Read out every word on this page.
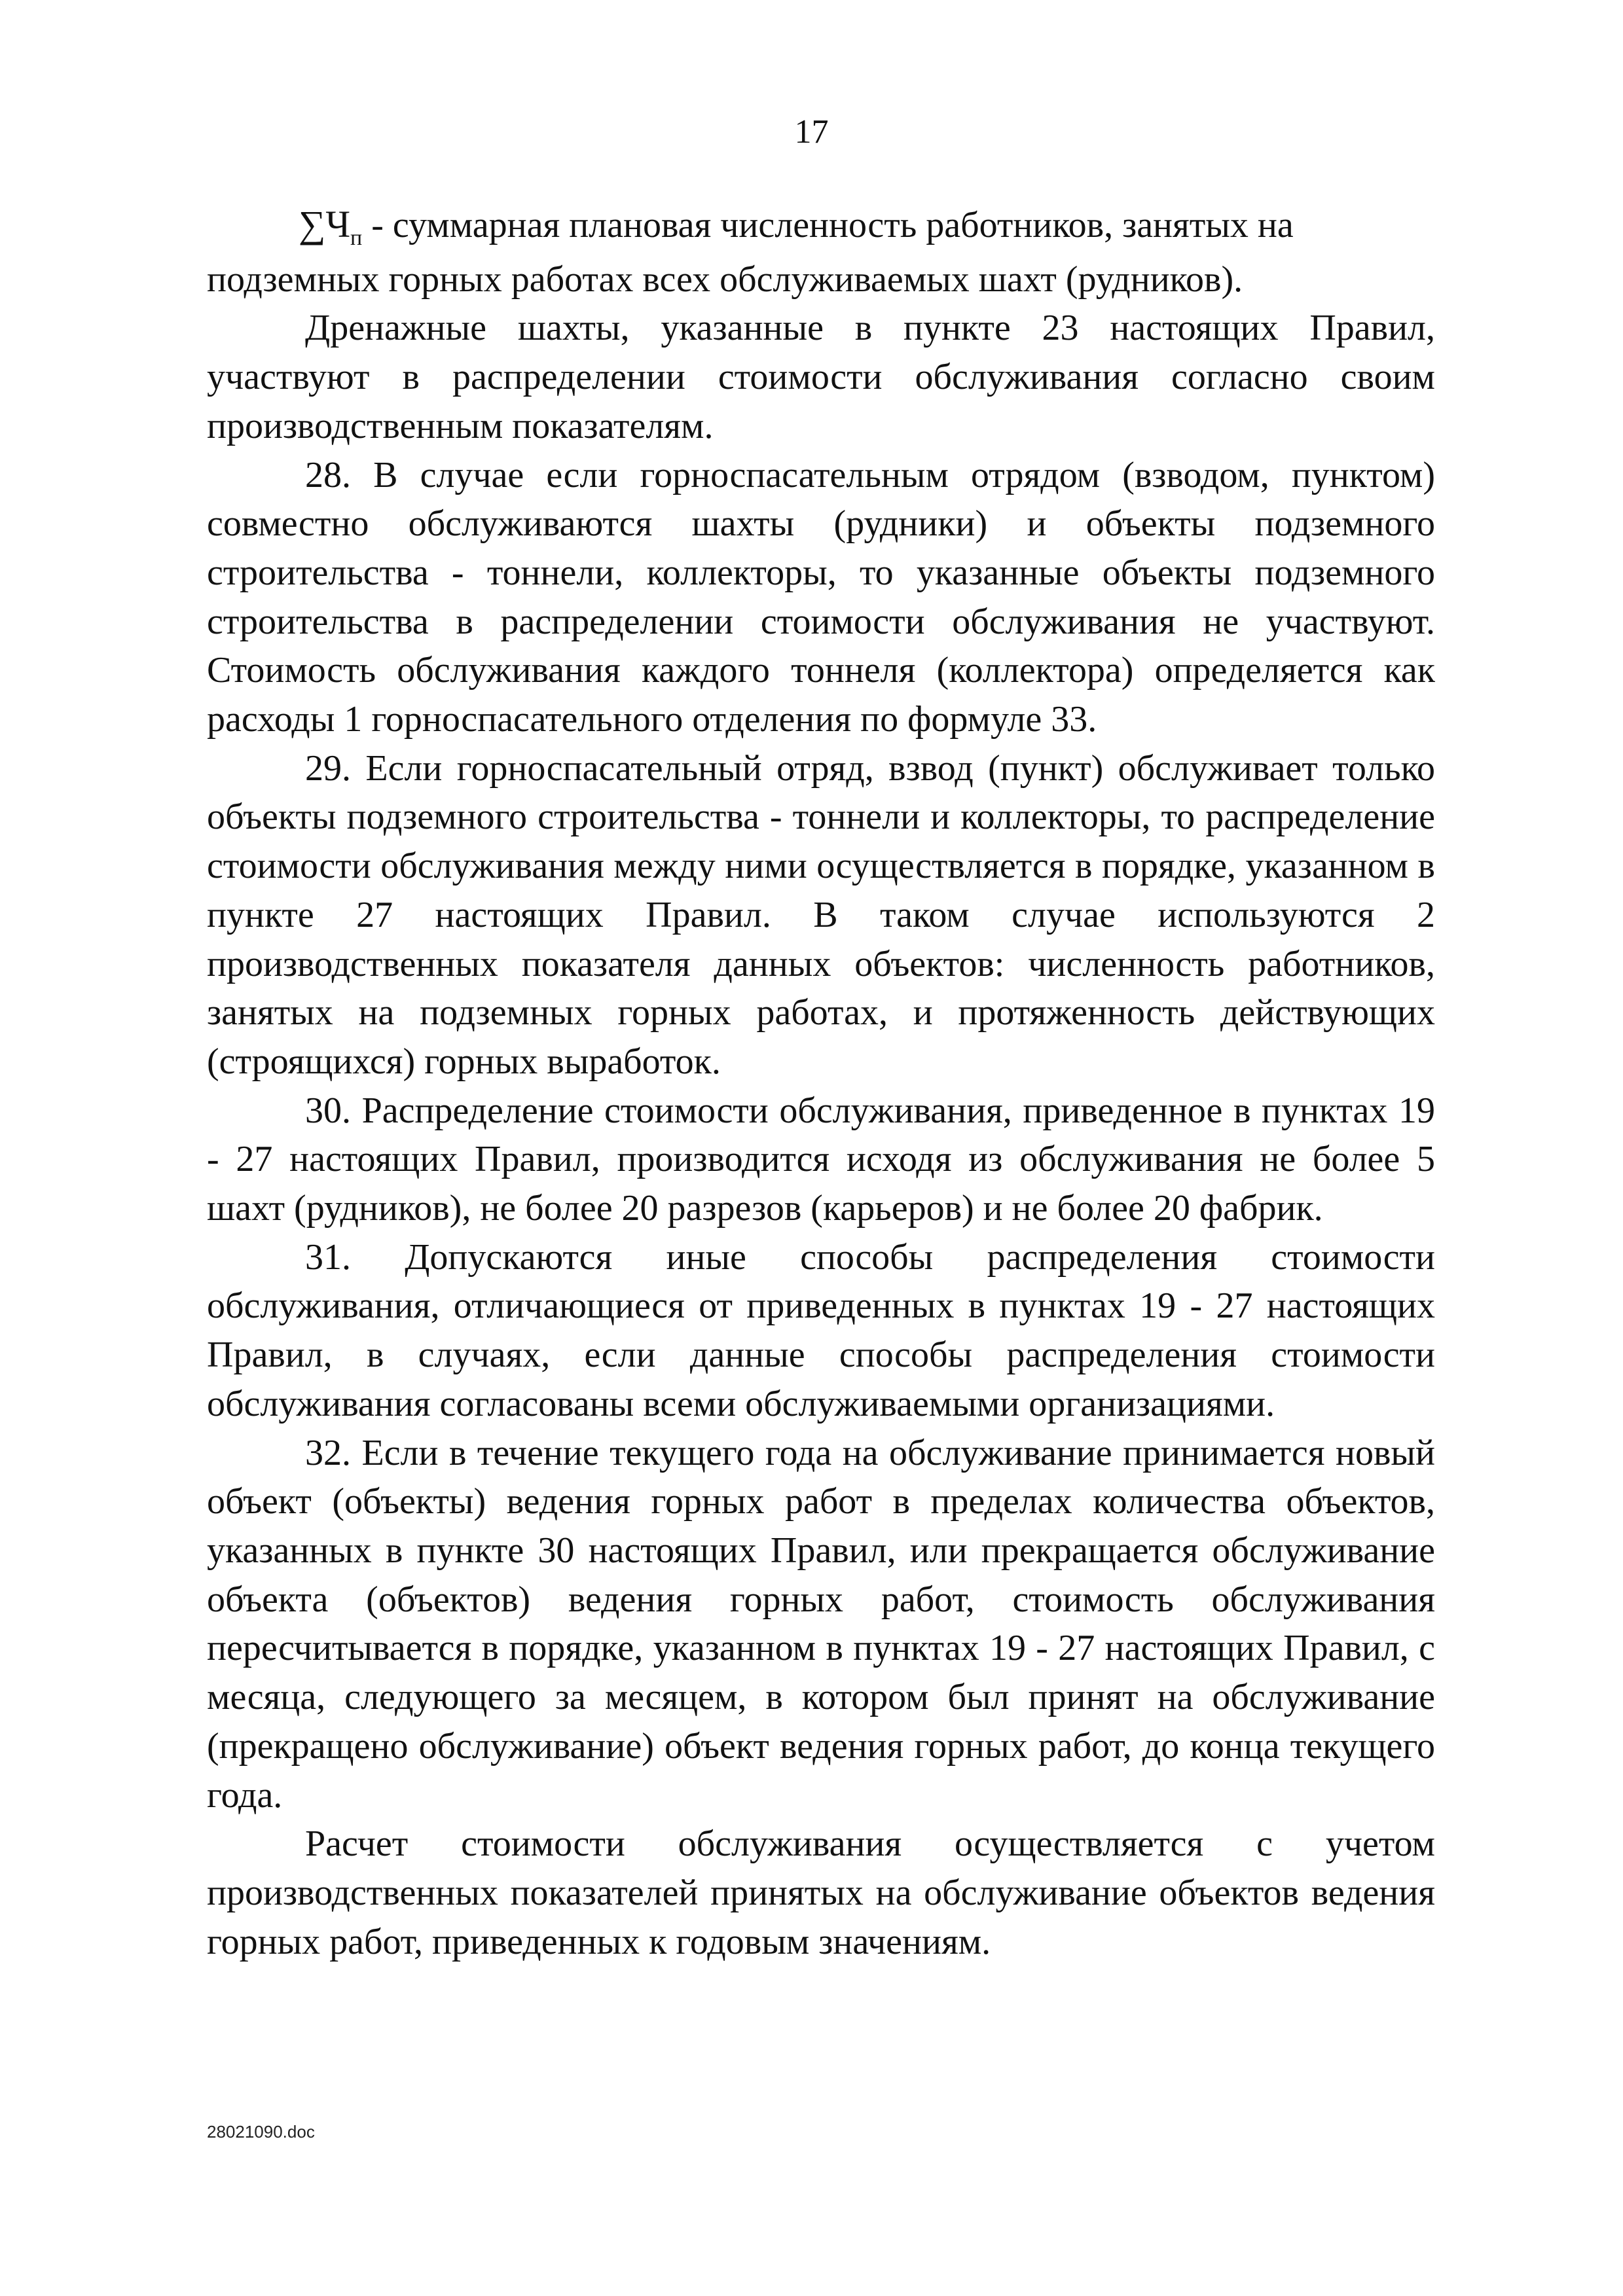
17

$\sum Ч_п$ - суммарная плановая численность работников, занятых на

подземных горных работах всех обслуживаемых шахт (рудников).

Дренажные шахты, указанные в пункте 23 настоящих Правил, участвуют в распределении стоимости обслуживания согласно своим производственным показателям.

28. В случае если горноспасательным отрядом (взводом, пунктом) совместно обслуживаются шахты (рудники) и объекты подземного строительства - тоннели, коллекторы, то указанные объекты подземного строительства в распределении стоимости обслуживания не участвуют. Стоимость обслуживания каждого тоннеля (коллектора) определяется как расходы 1 горноспасательного отделения по формуле 33.

29. Если горноспасательный отряд, взвод (пункт) обслуживает только объекты подземного строительства - тоннели и коллекторы, то распределение стоимости обслуживания между ними осуществляется в порядке, указанном в пункте 27 настоящих Правил. В таком случае используются 2 производственных показателя данных объектов: численность работников, занятых на подземных горных работах, и протяженность действующих (строящихся) горных выработок.

30. Распределение стоимости обслуживания, приведенное в пунктах 19 - 27 настоящих Правил, производится исходя из обслуживания не более 5 шахт (рудников), не более 20 разрезов (карьеров) и не более 20 фабрик.

31. Допускаются иные способы распределения стоимости обслуживания, отличающиеся от приведенных в пунктах 19 - 27 настоящих Правил, в случаях, если данные способы распределения стоимости обслуживания согласованы всеми обслуживаемыми организациями.

32. Если в течение текущего года на обслуживание принимается новый объект (объекты) ведения горных работ в пределах количества объектов, указанных в пункте 30 настоящих Правил, или прекращается обслуживание объекта (объектов) ведения горных работ, стоимость обслуживания пересчитывается в порядке, указанном в пунктах 19 - 27 настоящих Правил, с месяца, следующего за месяцем, в котором был принят на обслуживание (прекращено обслуживание) объект ведения горных работ, до конца текущего года.

Расчет стоимости обслуживания осуществляется с учетом производственных показателей принятых на обслуживание объектов ведения горных работ, приведенных к годовым значениям.

28021090.doc
